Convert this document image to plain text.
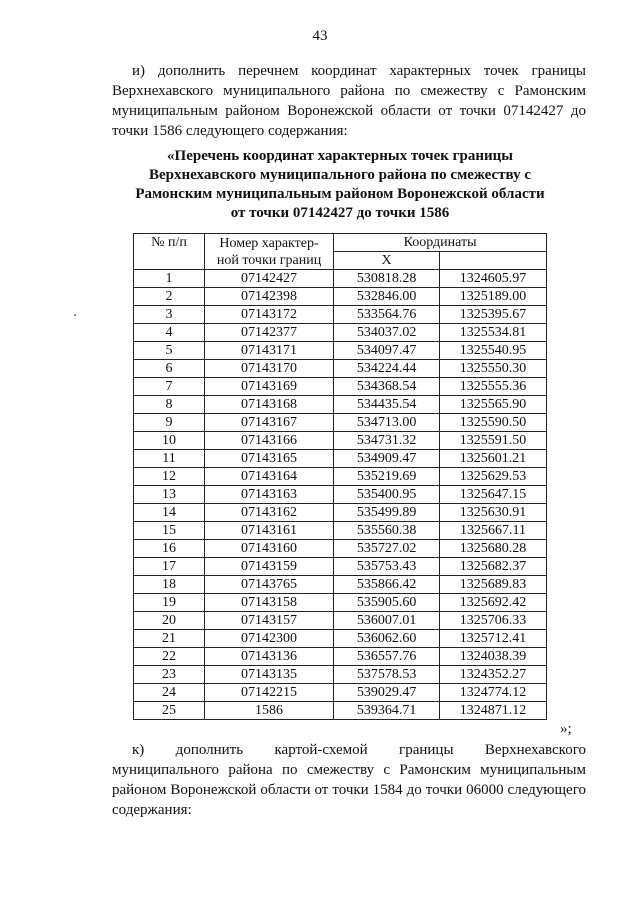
43
и) дополнить перечнем координат характерных точек границы Верхнехавского муниципального района по смежеству с Рамонским муниципальным районом Воронежской области от точки 07142427 до точки 1586 следующего содержания:
«Перечень координат характерных точек границы
Верхнехавского муниципального района по смежеству с
Рамонским муниципальным районом Воронежской области
от точки 07142427 до точки 1586
№ п/п	Номер характер-
ной точки границ	Координаты	
		X	
1	07142427	530818.28	1324605.97
2	07142398	532846.00	1325189.00
3	07143172	533564.76	1325395.67
4	07142377	534037.02	1325534.81
5	07143171	534097.47	1325540.95
6	07143170	534224.44	1325550.30
7	07143169	534368.54	1325555.36
8	07143168	534435.54	1325565.90
9	07143167	534713.00	1325590.50
10	07143166	534731.32	1325591.50
11	07143165	534909.47	1325601.21
12	07143164	535219.69	1325629.53
13	07143163	535400.95	1325647.15
14	07143162	535499.89	1325630.91
15	07143161	535560.38	1325667.11
16	07143160	535727.02	1325680.28
17	07143159	535753.43	1325682.37
18	07143765	535866.42	1325689.83
19	07143158	535905.60	1325692.42
20	07143157	536007.01	1325706.33
21	07142300	536062.60	1325712.41
22	07143136	536557.76	1324038.39
23	07143135	537578.53	1324352.27
24	07142215	539029.47	1324774.12
25	1586	539364.71	1324871.12
»;
к) дополнить картой-схемой границы Верхнехавского муниципального района по смежеству с Рамонским муниципальным районом Воронежской области от точки 1584 до точки 06000 следующего содержания:
